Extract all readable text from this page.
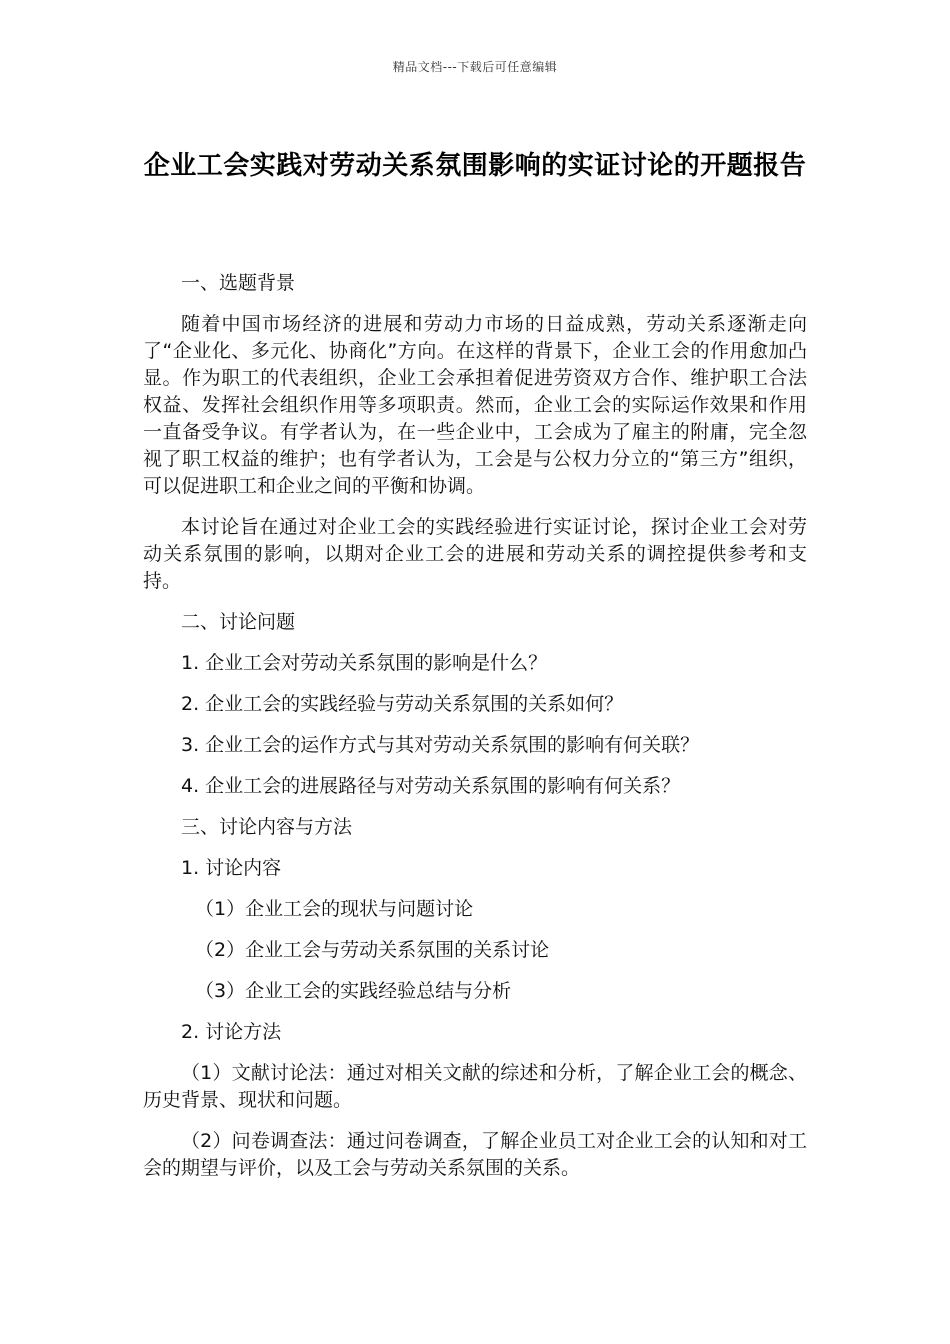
精品文档---下载后可任意编辑
企业工会实践对劳动关系氛围影响的实证讨论的开题报告

一、选题背景

随着中国市场经济的进展和劳动力市场的日益成熟，劳动关系逐渐走向了“企业化、多元化、协商化”方向。在这样的背景下，企业工会的作用愈加凸显。作为职工的代表组织，企业工会承担着促进劳资双方合作、维护职工合法权益、发挥社会组织作用等多项职责。然而，企业工会的实际运作效果和作用一直备受争议。有学者认为，在一些企业中，工会成为了雇主的附庸，完全忽视了职工权益的维护；也有学者认为，工会是与公权力分立的“第三方”组织，可以促进职工和企业之间的平衡和协调。

本讨论旨在通过对企业工会的实践经验进行实证讨论，探讨企业工会对劳动关系氛围的影响，以期对企业工会的进展和劳动关系的调控提供参考和支持。

二、讨论问题

1. 企业工会对劳动关系氛围的影响是什么？

2. 企业工会的实践经验与劳动关系氛围的关系如何？

3. 企业工会的运作方式与其对劳动关系氛围的影响有何关联？

4. 企业工会的进展路径与对劳动关系氛围的影响有何关系？

三、讨论内容与方法

1. 讨论内容

（1）企业工会的现状与问题讨论

（2）企业工会与劳动关系氛围的关系讨论

（3）企业工会的实践经验总结与分析

2. 讨论方法

（1）文献讨论法：通过对相关文献的综述和分析，了解企业工会的概念、历史背景、现状和问题。

（2）问卷调查法：通过问卷调查，了解企业员工对企业工会的认知和对工会的期望与评价，以及工会与劳动关系氛围的关系。
